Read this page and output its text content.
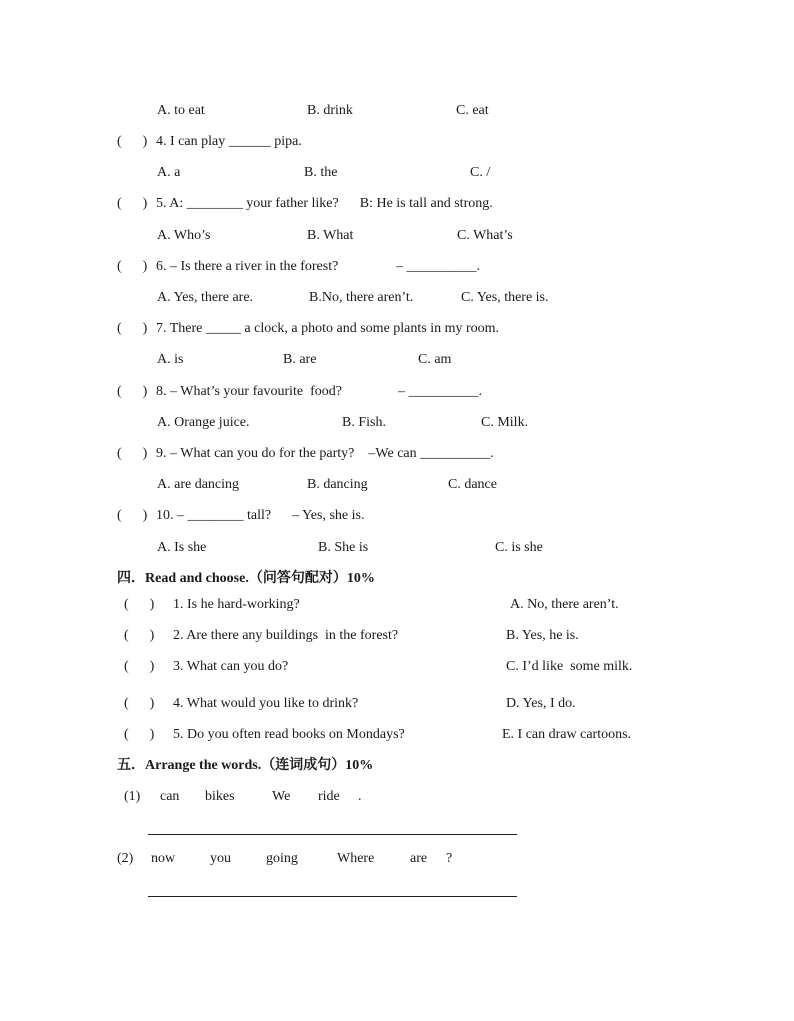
A. to eat	B. drink	C. eat
(      ) 4. I can play ______ pipa.
A. a	B. the	C. /
(      ) 5. A: ________ your father like?      B: He is tall and strong.
A. Who’s	B. What	C. What’s
(      ) 6. – Is there a river in the forest?	– __________.
A. Yes, there are.	B.No, there aren’t.	C. Yes, there is.
(      ) 7. There _____ a clock, a photo and some plants in my room.
A. is	B. are	C. am
(      ) 8. – What’s your favourite  food?	– __________.
A. Orange juice.	B. Fish.	C. Milk.
(      ) 9. – What can you do for the party?    –We can __________.
A. are dancing	B. dancing	C. dance
(      ) 10. – ________ tall?      – Yes, she is.
A. Is she	B. She is	C. is she
四．Read and choose.（问答句配对）10%
(      ) 1. Is he hard-working?	A. No, there aren’t.
(      ) 2. Are there any buildings  in the forest?	B. Yes, he is.
(      ) 3. What can you do?	C. I’d like  some milk.
(      ) 4. What would you like to drink?	D. Yes, I do.
(      ) 5. Do you often read books on Mondays?	E. I can draw cartoons.
五．Arrange the words.（连词成句）10%
(1) can bikes	We ride .
(2) now you	going	Where	are ?
